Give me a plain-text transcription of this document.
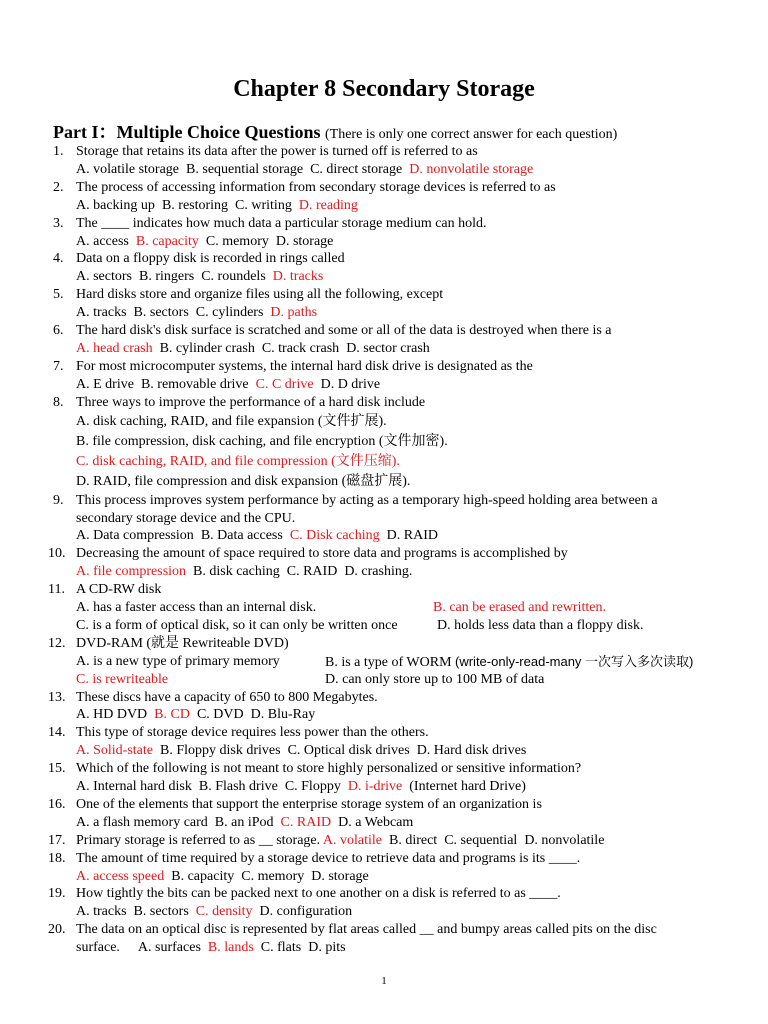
Chapter 8 Secondary Storage
Part I：Multiple Choice Questions (There is only one correct answer for each question)
1. Storage that retains its data after the power is turned off is referred to as
A. volatile storage B. sequential storage C. direct storage D. nonvolatile storage
2. The process of accessing information from secondary storage devices is referred to as
A. backing up B. restoring C. writing D. reading
3. The ____ indicates how much data a particular storage medium can hold.
A. access B. capacity C. memory D. storage
4. Data on a floppy disk is recorded in rings called
A. sectors B. ringers C. roundels D. tracks
5. Hard disks store and organize files using all the following, except
A. tracks B. sectors C. cylinders D. paths
6. The hard disk's disk surface is scratched and some or all of the data is destroyed when there is a
A. head crash B. cylinder crash C. track crash D. sector crash
7. For most microcomputer systems, the internal hard disk drive is designated as the
A. E drive B. removable drive C. C drive D. D drive
8. Three ways to improve the performance of a hard disk include
A. disk caching, RAID, and file expansion (文件扩展).
B. file compression, disk caching, and file encryption (文件加密).
C. disk caching, RAID, and file compression (文件压缩).
D. RAID, file compression and disk expansion (磁盘扩展).
9. This process improves system performance by acting as a temporary high-speed holding area between a
secondary storage device and the CPU.
A. Data compression B. Data access C. Disk caching D. RAID
10. Decreasing the amount of space required to store data and programs is accomplished by
A. file compression B. disk caching C. RAID D. crashing.
11. A CD-RW disk
A. has a faster access than an internal disk.	B. can be erased and rewritten.
C. is a form of optical disk, so it can only be written once	D. holds less data than a floppy disk.
12. DVD-RAM (就是 Rewriteable DVD)
A. is a new type of primary memory	B. is a type of WORM (write-only-read-many 一次写入多次读取)
C. is rewriteable	D. can only store up to 100 MB of data
13. These discs have a capacity of 650 to 800 Megabytes.
A. HD DVD B. CD C. DVD D. Blu-Ray
14. This type of storage device requires less power than the others.
A. Solid-state B. Floppy disk drives C. Optical disk drives D. Hard disk drives
15. Which of the following is not meant to store highly personalized or sensitive information?
A. Internal hard disk B. Flash drive C. Floppy D. i-drive (Internet hard Drive)
16. One of the elements that support the enterprise storage system of an organization is
A. a flash memory card B. an iPod C. RAID D. a Webcam
17. Primary storage is referred to as __ storage. A. volatile B. direct C. sequential D. nonvolatile
18. The amount of time required by a storage device to retrieve data and programs is its ____.
A. access speed B. capacity C. memory D. storage
19. How tightly the bits can be packed next to one another on a disk is referred to as ____.
A. tracks B. sectors C. density D. configuration
20. The data on an optical disc is represented by flat areas called __ and bumpy areas called pits on the disc
surface. A. surfaces B. lands C. flats D. pits
1
